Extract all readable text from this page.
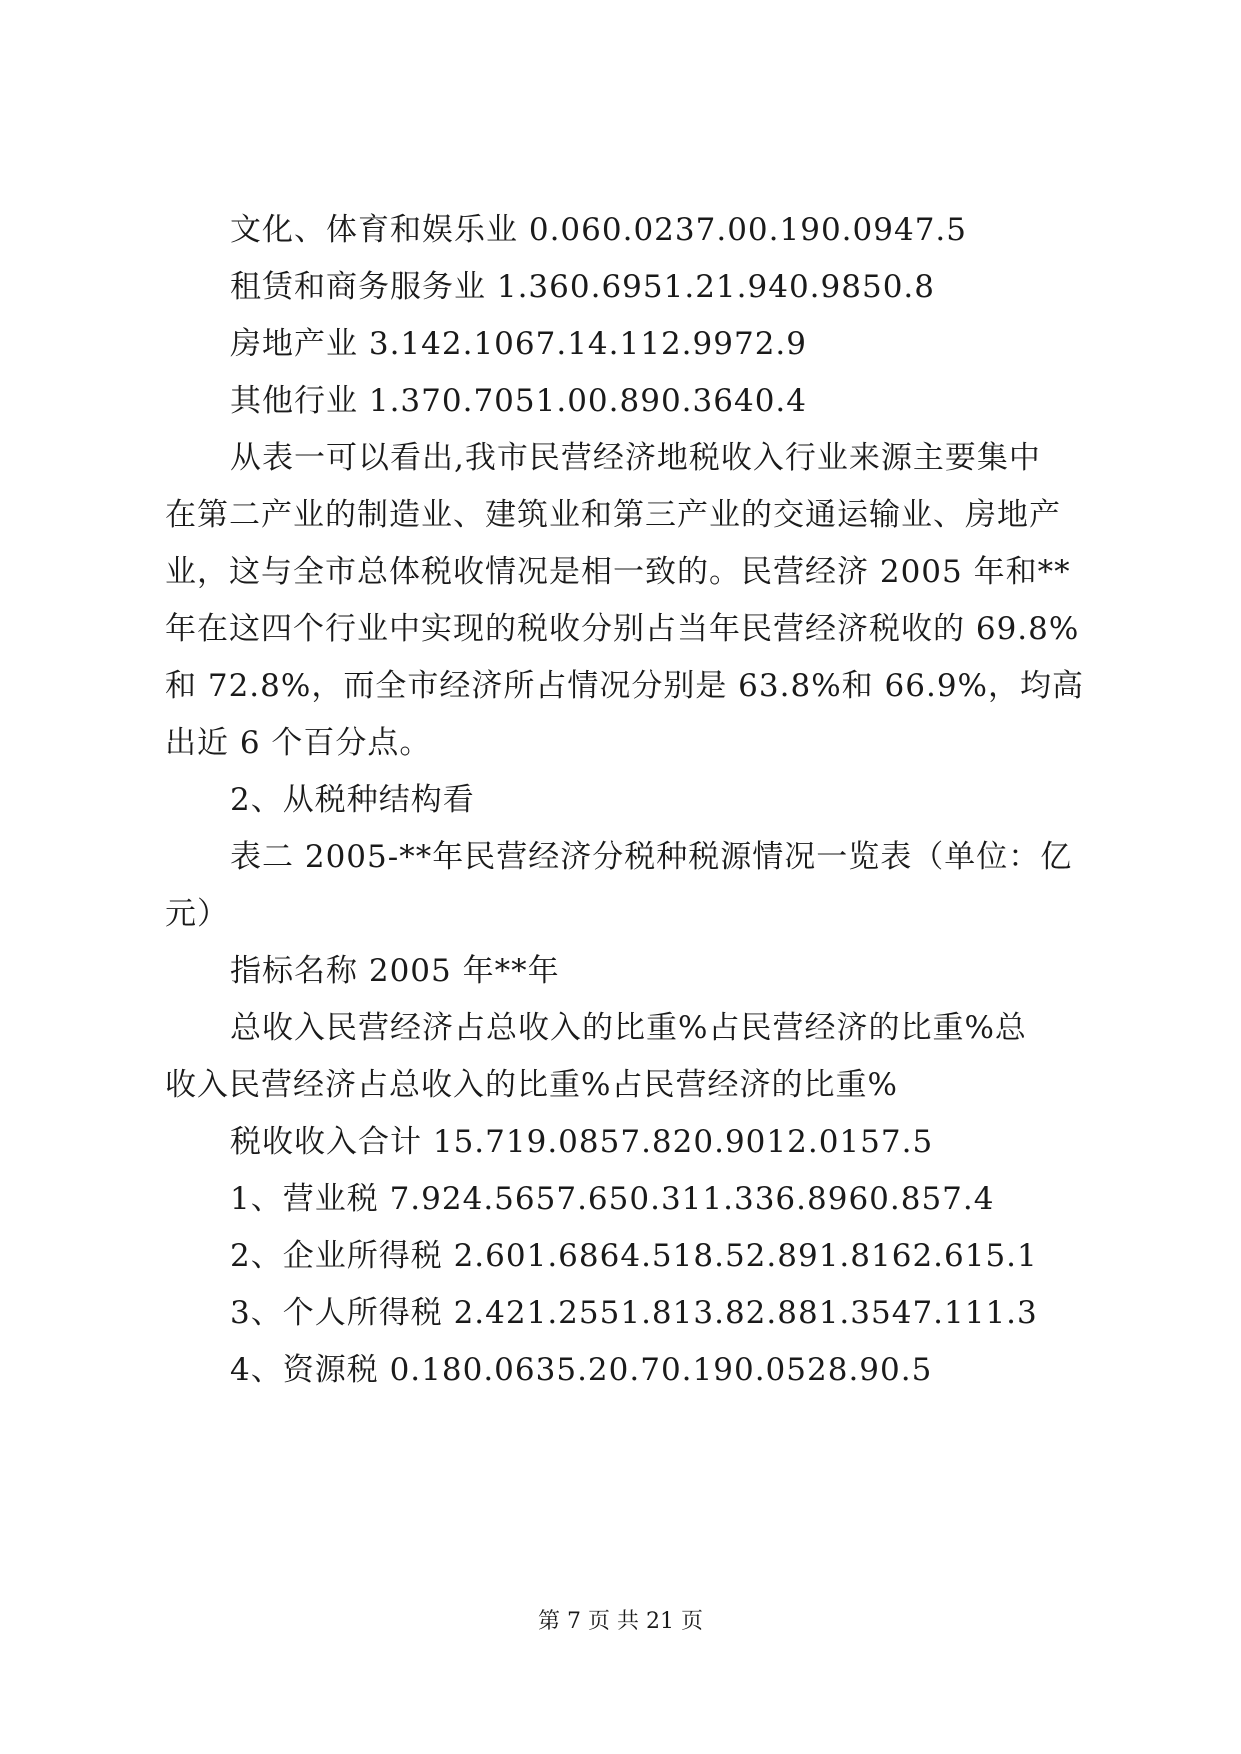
文化、体育和娱乐业 0.060.0237.00.190.0947.5
租赁和商务服务业 1.360.6951.21.940.9850.8
房地产业 3.142.1067.14.112.9972.9
其他行业 1.370.7051.00.890.3640.4
从表一可以看出,我市民营经济地税收入行业来源主要集中
在第二产业的制造业、建筑业和第三产业的交通运输业、房地产
业，这与全市总体税收情况是相一致的。民营经济 2005 年和**
年在这四个行业中实现的税收分别占当年民营经济税收的 69.8%
和 72.8%，而全市经济所占情况分别是 63.8%和 66.9%，均高
出近 6 个百分点。
2、从税种结构看
表二 2005-**年民营经济分税种税源情况一览表（单位：亿
元）
指标名称 2005 年**年
总收入民营经济占总收入的比重%占民营经济的比重%总
收入民营经济占总收入的比重%占民营经济的比重%
税收收入合计 15.719.0857.820.9012.0157.5
1、营业税 7.924.5657.650.311.336.8960.857.4
2、企业所得税 2.601.6864.518.52.891.8162.615.1
3、个人所得税 2.421.2551.813.82.881.3547.111.3
4、资源税 0.180.0635.20.70.190.0528.90.5
第 7 页 共 21 页
